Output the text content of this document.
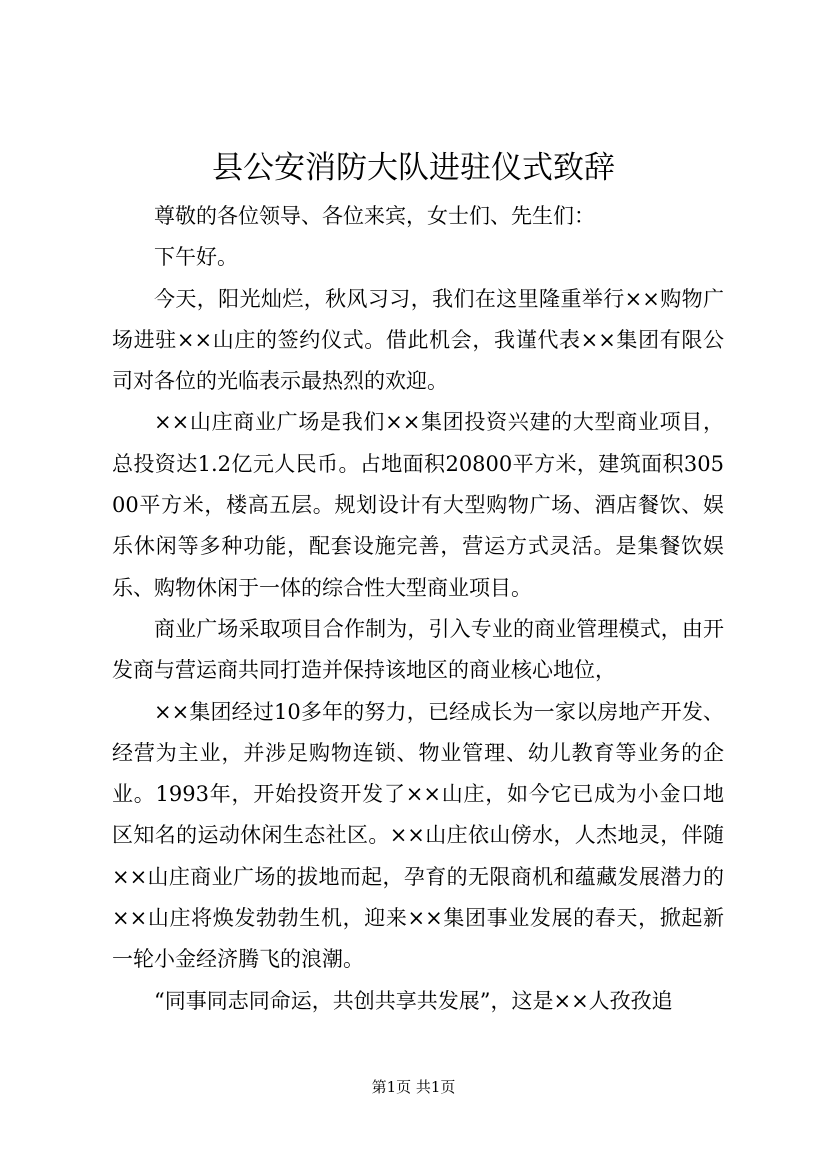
县公安消防大队进驻仪式致辞

尊敬的各位领导、各位来宾，女士们、先生们：

下午好。

今天，阳光灿烂，秋风习习，我们在这里隆重举行××购物广场进驻××山庄的签约仪式。借此机会，我谨代表××集团有限公司对各位的光临表示最热烈的欢迎。

××山庄商业广场是我们××集团投资兴建的大型商业项目，总投资达1.2亿元人民币。占地面积20800平方米，建筑面积30500平方米，楼高五层。规划设计有大型购物广场、酒店餐饮、娱乐休闲等多种功能，配套设施完善，营运方式灵活。是集餐饮娱乐、购物休闲于一体的综合性大型商业项目。

商业广场采取项目合作制为，引入专业的商业管理模式，由开发商与营运商共同打造并保持该地区的商业核心地位，

××集团经过10多年的努力，已经成长为一家以房地产开发、经营为主业，并涉足购物连锁、物业管理、幼儿教育等业务的企业。1993年，开始投资开发了××山庄，如今它已成为小金口地区知名的运动休闲生态社区。××山庄依山傍水，人杰地灵，伴随××山庄商业广场的拔地而起，孕育的无限商机和蕴藏发展潜力的××山庄将焕发勃勃生机，迎来××集团事业发展的春天，掀起新一轮小金经济腾飞的浪潮。

“同事同志同命运，共创共享共发展”，这是××人孜孜追

第1页 共1页
